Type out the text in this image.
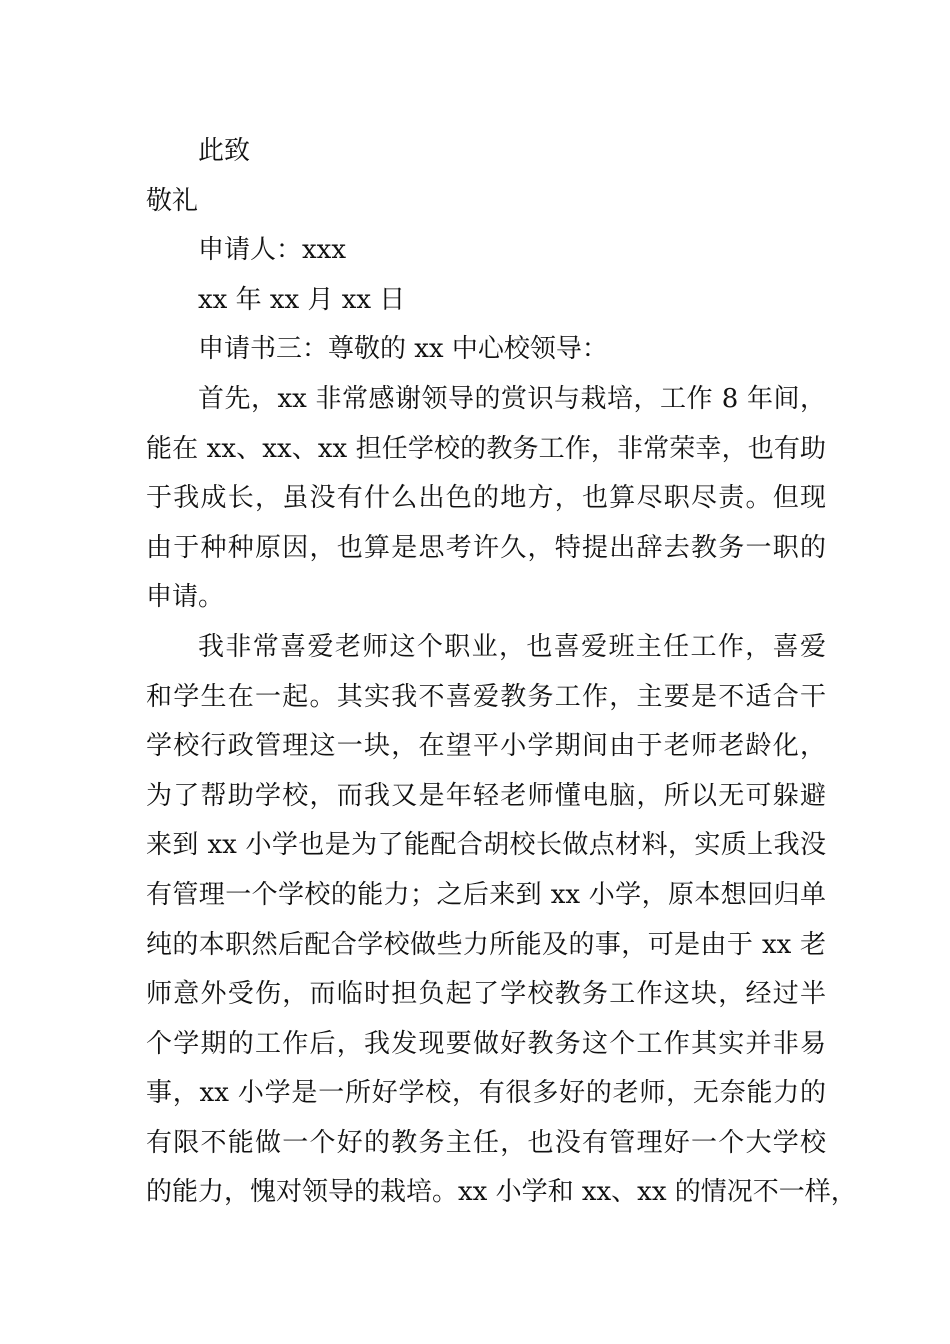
此致
敬礼
申请人：xxx
xx 年 xx 月 xx 日
申请书三：尊敬的 xx 中心校领导：
首先，xx 非常感谢领导的赏识与栽培，工作 8 年间，
能在 xx、xx、xx 担任学校的教务工作，非常荣幸，也有助
于我成长，虽没有什么出色的地方，也算尽职尽责。但现
由于种种原因，也算是思考许久，特提出辞去教务一职的
申请。
我非常喜爱老师这个职业，也喜爱班主任工作，喜爱
和学生在一起。其实我不喜爱教务工作，主要是不适合干
学校行政管理这一块，在望平小学期间由于老师老龄化，
为了帮助学校，而我又是年轻老师懂电脑，所以无可躲避
来到 xx 小学也是为了能配合胡校长做点材料，实质上我没
有管理一个学校的能力；之后来到 xx 小学，原本想回归单
纯的本职然后配合学校做些力所能及的事，可是由于 xx 老
师意外受伤，而临时担负起了学校教务工作这块，经过半
个学期的工作后，我发现要做好教务这个工作其实并非易
事，xx 小学是一所好学校，有很多好的老师，无奈能力的
有限不能做一个好的教务主任，也没有管理好一个大学校
的能力，愧对领导的栽培。xx 小学和 xx、xx 的情况不一样，
